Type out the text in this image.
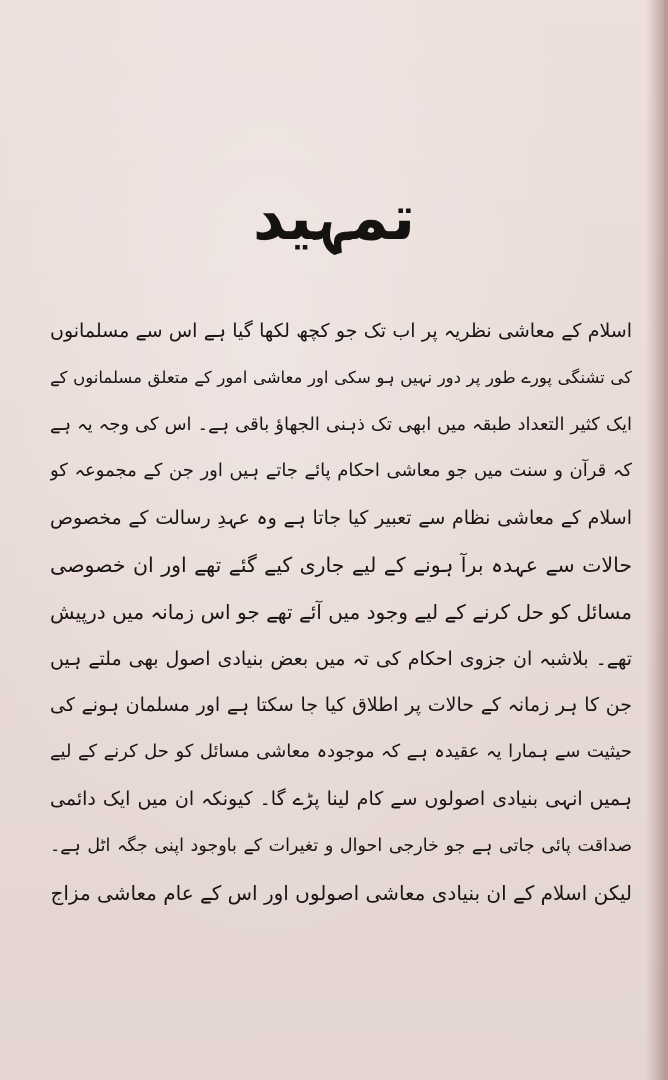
تمہید
اسلام کے معاشی نظریہ پر اب تک جو کچھ لکھا گیا ہے اس سے مسلمانوں
کی تشنگی پورے طور پر دور نہیں ہو سکی اور معاشی امور کے متعلق مسلمانوں کے
ایک کثیر التعداد طبقہ میں ابھی تک ذہنی الجھاؤ باقی ہے۔ اس کی وجہ یہ ہے
کہ قرآن و سنت میں جو معاشی احکام پائے جاتے ہیں اور جن کے مجموعہ کو
اسلام کے معاشی نظام سے تعبیر کیا جاتا ہے وہ عہدِ رسالت کے مخصوص
حالات سے عہدہ برآ ہونے کے لیے جاری کیے گئے تھے اور ان خصوصی
مسائل کو حل کرنے کے لیے وجود میں آئے تھے جو اس زمانہ میں درپیش
تھے۔ بلاشبہ ان جزوی احکام کی تہ میں بعض بنیادی اصول بھی ملتے ہیں
جن کا ہر زمانہ کے حالات پر اطلاق کیا جا سکتا ہے اور مسلمان ہونے کی
حیثیت سے ہمارا یہ عقیدہ ہے کہ موجودہ معاشی مسائل کو حل کرنے کے لیے
ہمیں انہی بنیادی اصولوں سے کام لینا پڑے گا۔ کیونکہ ان میں ایک دائمی
صداقت پائی جاتی ہے جو خارجی احوال و تغیرات کے باوجود اپنی جگہ اٹل ہے۔
لیکن اسلام کے ان بنیادی معاشی اصولوں اور اس کے عام معاشی مزاج
